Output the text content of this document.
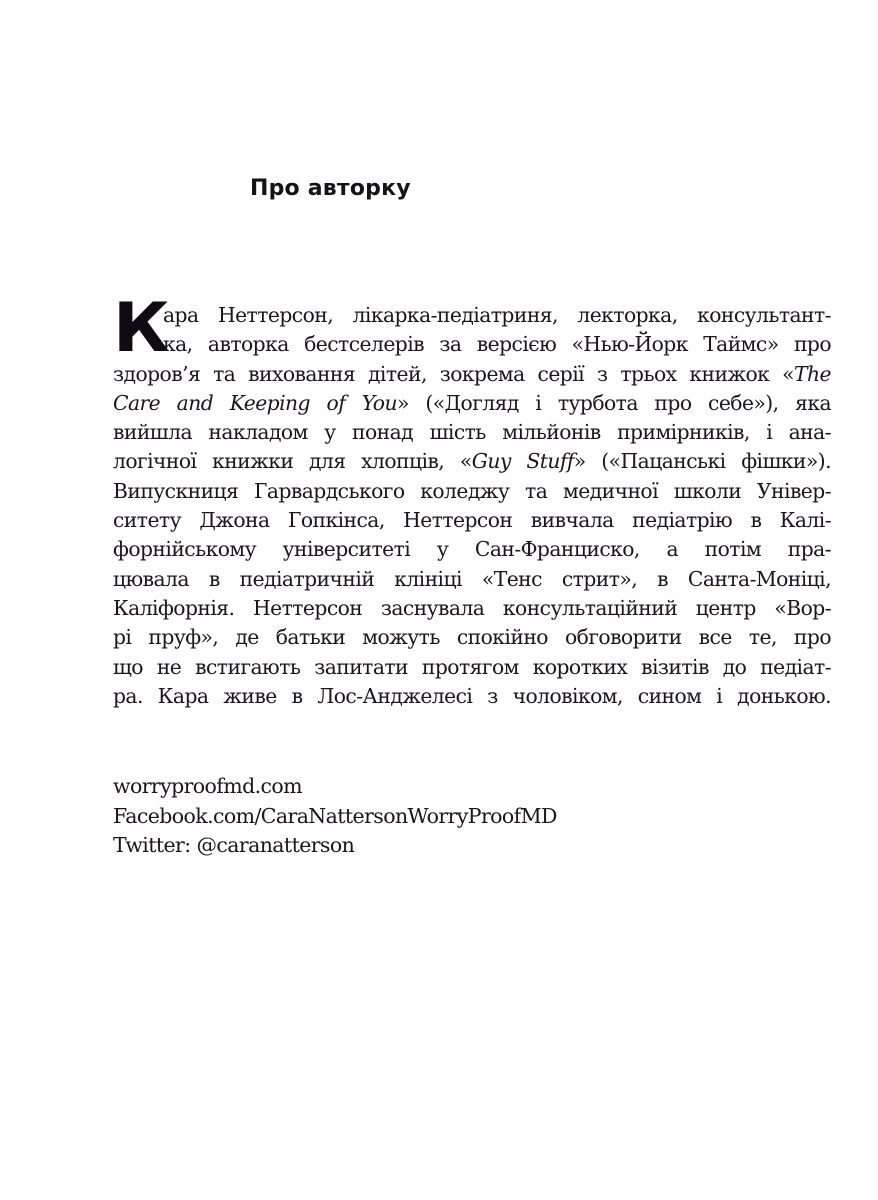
Про авторку
К
ара Неттерсон, лікарка-педіатриня, лекторка, консультант-
ка, авторка бестселерів за версією «Нью-Йорк Таймс» про
здоров’я та виховання дітей, зокрема серії з трьох книжок «The
Care and Keeping of You» («Догляд і турбота про себе»), яка
вийшла накладом у понад шість мільйонів примірників, і ана-
логічної книжки для хлопців, «Guy Stuff» («Пацанські фішки»).
Випускниця Гарвардського коледжу та медичної школи Універ-
ситету Джона Гопкінса, Неттерсон вивчала педіатрію в Калі-
форнійському університеті у Сан-Франциско, а потім пра-
цювала в педіатричній клініці «Тенс стрит», в Санта-Моніці,
Каліфорнія. Неттерсон заснувала консультаційний центр «Вор-
рі пруф», де батьки можуть спокійно обговорити все те, про
що не встигають запитати протягом коротких візитів до педіат-
ра. Кара живе в Лос-Анджелесі з чоловіком, сином і донькою.
worryproofmd.com
Facebook.com/CaraNattersonWorryProofMD
Twitter: @caranatterson
